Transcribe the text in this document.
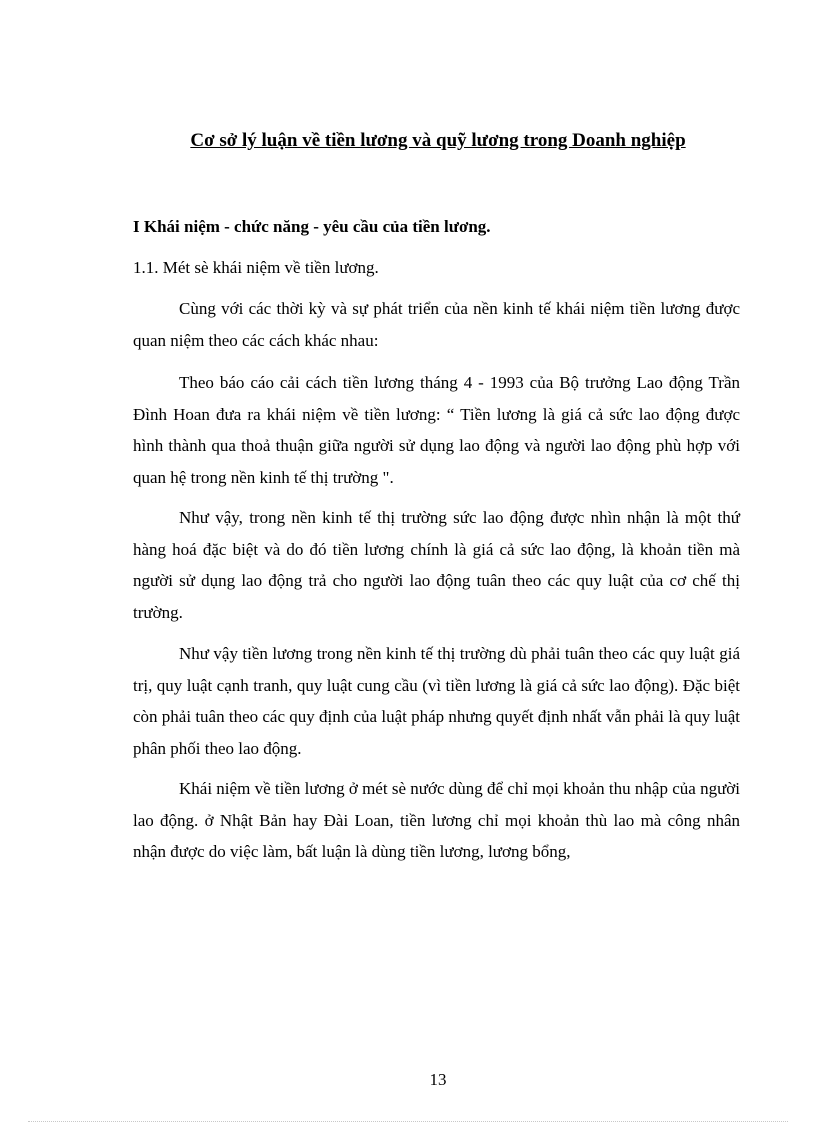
Cơ sở lý luận về tiền lương và quỹ lương trong Doanh nghiệp
I Khái niệm - chức năng - yêu cầu của tiền lương.
1.1. Mét sè khái niệm về tiền lương.

Cùng với các thời kỳ và sự phát triển của nền kinh tế khái niệm tiền lương được quan niệm theo các cách khác nhau:

Theo báo cáo cải cách tiền lương tháng 4 - 1993 của Bộ trưởng Lao động Trần Đình Hoan đưa ra khái niệm về tiền lương: “ Tiền lương là giá cả sức lao động được hình thành qua thoả thuận giữa người sử dụng lao động và người lao động phù hợp với quan hệ trong nền kinh tế thị trường ".

Như vậy, trong nền kinh tế thị trường sức lao động được nhìn nhận là một thứ hàng hoá đặc biệt và do đó tiền lương chính là giá cả sức lao động, là khoản tiền mà người sử dụng lao động trả cho người lao động tuân theo các quy luật của cơ chế thị trường.

Như vậy tiền lương trong nền kinh tế thị trường dù phải tuân theo các quy luật giá trị, quy luật cạnh tranh, quy luật cung cầu (vì tiền lương là giá cả sức lao động). Đặc biệt còn phải tuân theo các quy định của luật pháp nhưng quyết định nhất vẫn phải là quy luật phân phối theo lao động.

Khái niệm về tiền lương ở mét sè nước dùng để chỉ mọi khoản thu nhập của người lao động. ở Nhật Bản hay Đài Loan, tiền lương chỉ mọi khoản thù lao mà công nhân nhận được do việc làm, bất luận là dùng tiền lương, lương bổng,

13
